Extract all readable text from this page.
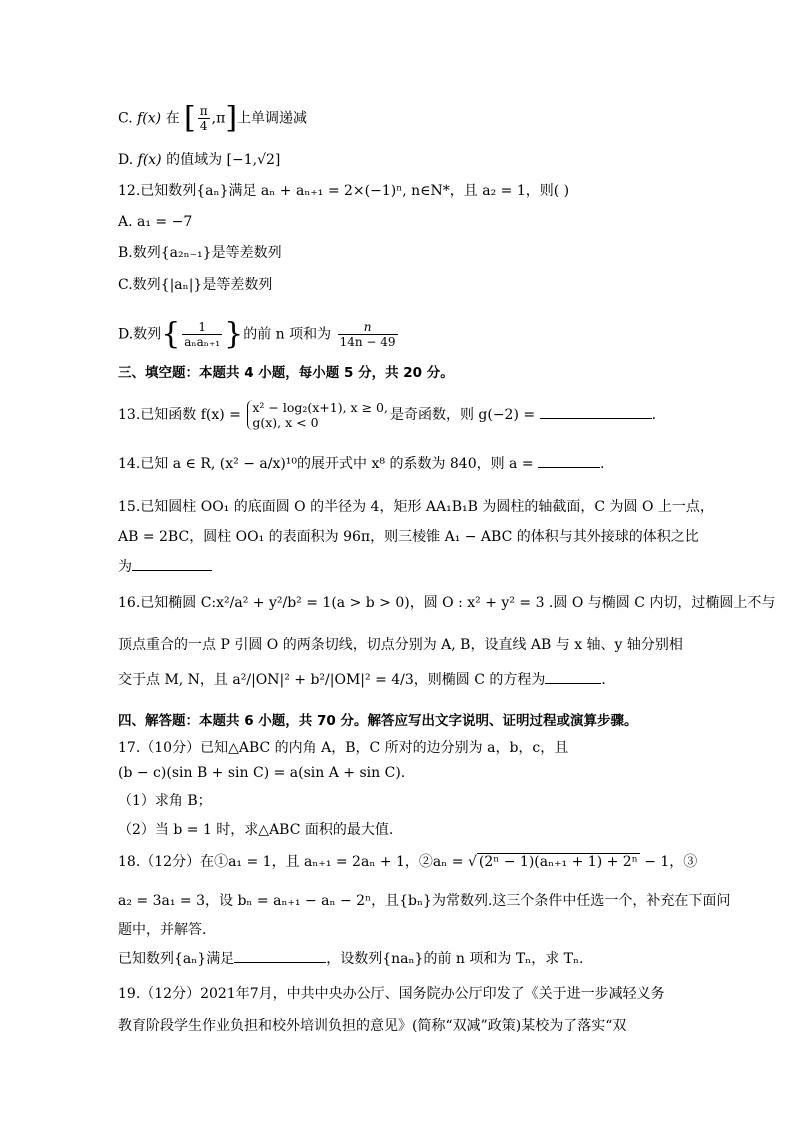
C. f(x) 在 [ $\frac{\pi}{4} ,\pi$]上单调递减
D. f(x) 的值域为 [−1,√2]
12.已知数列{aₙ}满足 aₙ + aₙ₊₁ = 2×(−1)ⁿ, n∈N*，且 a₂ = 1，则( )
A. a₁ = −7
B.数列{a₂ₙ₋₁}是等差数列
C.数列{|aₙ|}是等差数列
D.数列{ $\frac{1}{\text{aₙaₙ₊₁}}$ }的前 n 项和为 $\frac{n}{14n - 49}$
三、填空题：本题共 4 小题，每小题 5 分，共 20 分。
13.已知函数 f(x) = x² − log₂(x+1), x ≥ 0,
g(x), x < 0	是奇函数，则 g(−2) =	.
14.已知 a ∈ R, (x² − a/x)¹⁰的展开式中 x⁸ 的系数为 840，则 a =	.
15.已知圆柱 OO₁ 的底面圆 O 的半径为 4，矩形 AA₁B₁B 为圆柱的轴截面，C 为圆 O 上一点，
AB = 2BC，圆柱 OO₁ 的表面积为 96π，则三棱锥 A₁ − ABC 的体积与其外接球的体积之比
为
16.已知椭圆 C:x²/a² + y²/b² = 1(a > b > 0)，圆 O : x² + y² = 3 .圆 O 与椭圆 C 内切，过椭圆上不与
顶点重合的一点 P 引圆 O 的两条切线，切点分别为 A, B，设直线 AB 与 x 轴、y 轴分别相
交于点 M, N，且 a²/|ON|² + b²/|OM|² = 4/3，则椭圆 C 的方程为	.
四、解答题：本题共 6 小题，共 70 分。解答应写出文字说明、证明过程或演算步骤。
17.（10分）已知△ABC 的内角 A，B，C 所对的边分别为 a，b，c，且
(b − c)(sin B + sin C) = a(sin A + sin C).
（1）求角 B；
（2）当 b = 1 时，求△ABC 面积的最大值.
18.（12分）在①a₁ = 1，且 aₙ₊₁ = 2aₙ + 1，②aₙ = √ (2ⁿ − 1)(aₙ₊₁ + 1) + 2ⁿ − 1，③
a₂ = 3a₁ = 3，设 bₙ = aₙ₊₁ − aₙ − 2ⁿ，且{bₙ}为常数列.这三个条件中任选一个，补充在下面问
题中，并解答.
已知数列{aₙ}满足	，设数列{naₙ}的前 n 项和为 Tₙ，求 Tₙ.
19.（12分）2021年7月，中共中央办公厅、国务院办公厅印发了《关于进一步减轻义务
教育阶段学生作业负担和校外培训负担的意见》(简称“双减”政策)某校为了落实“双
